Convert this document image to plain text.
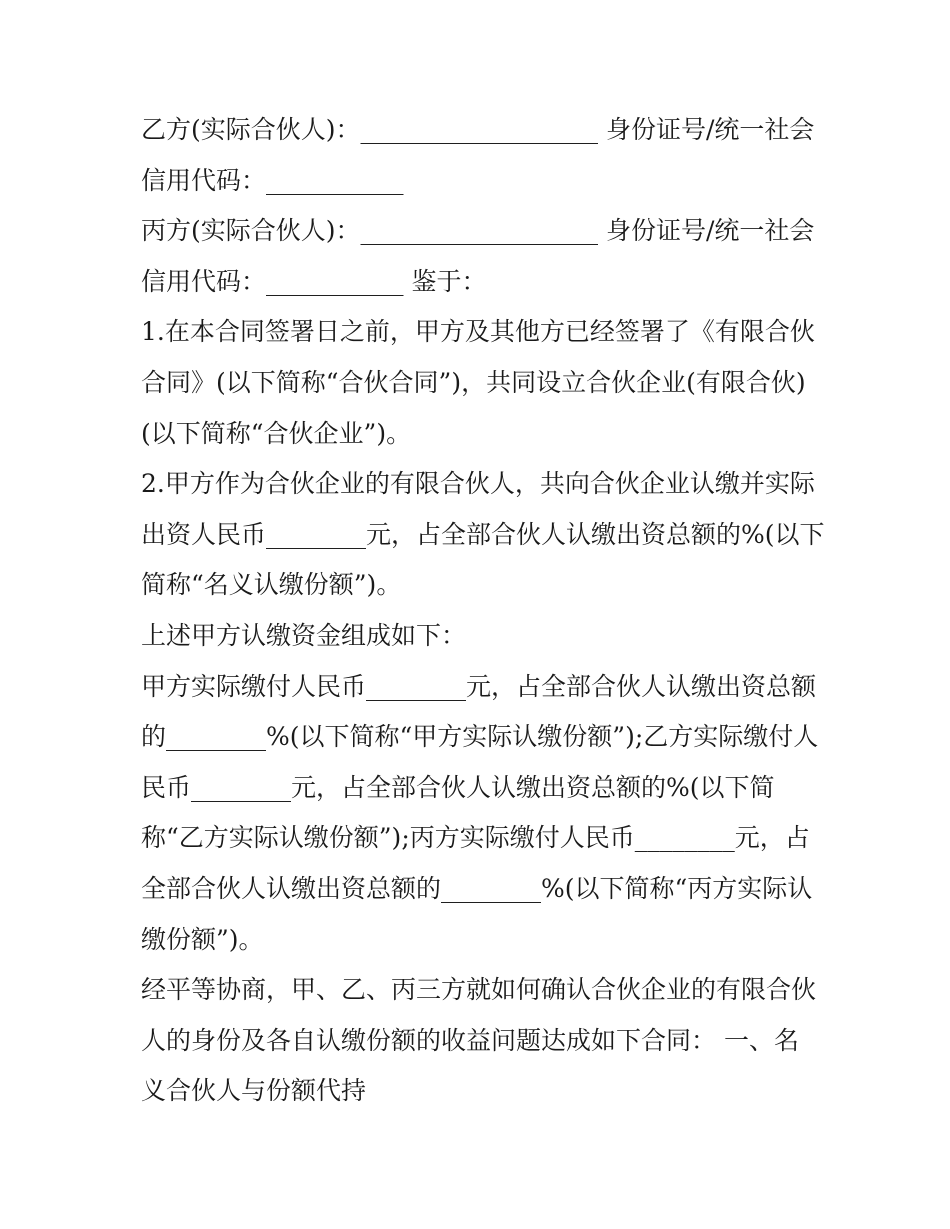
乙方(实际合伙人)：___________________ 身份证号/统一社会
信用代码：___________
丙方(实际合伙人)：___________________ 身份证号/统一社会
信用代码：___________ 鉴于：
1.在本合同签署日之前，甲方及其他方已经签署了《有限合伙
合同》(以下简称“合伙合同”)，共同设立合伙企业(有限合伙)
(以下简称“合伙企业”)。
2.甲方作为合伙企业的有限合伙人，共向合伙企业认缴并实际
出资人民币________元，占全部合伙人认缴出资总额的%(以下
简称“名义认缴份额”)。
上述甲方认缴资金组成如下：
甲方实际缴付人民币________元，占全部合伙人认缴出资总额
的________%(以下简称“甲方实际认缴份额”);乙方实际缴付人
民币________元，占全部合伙人认缴出资总额的%(以下简
称“乙方实际认缴份额”);丙方实际缴付人民币________元，占
全部合伙人认缴出资总额的________%(以下简称“丙方实际认
缴份额”)。
经平等协商，甲、乙、丙三方就如何确认合伙企业的有限合伙
人的身份及各自认缴份额的收益问题达成如下合同： 一、名
义合伙人与份额代持
